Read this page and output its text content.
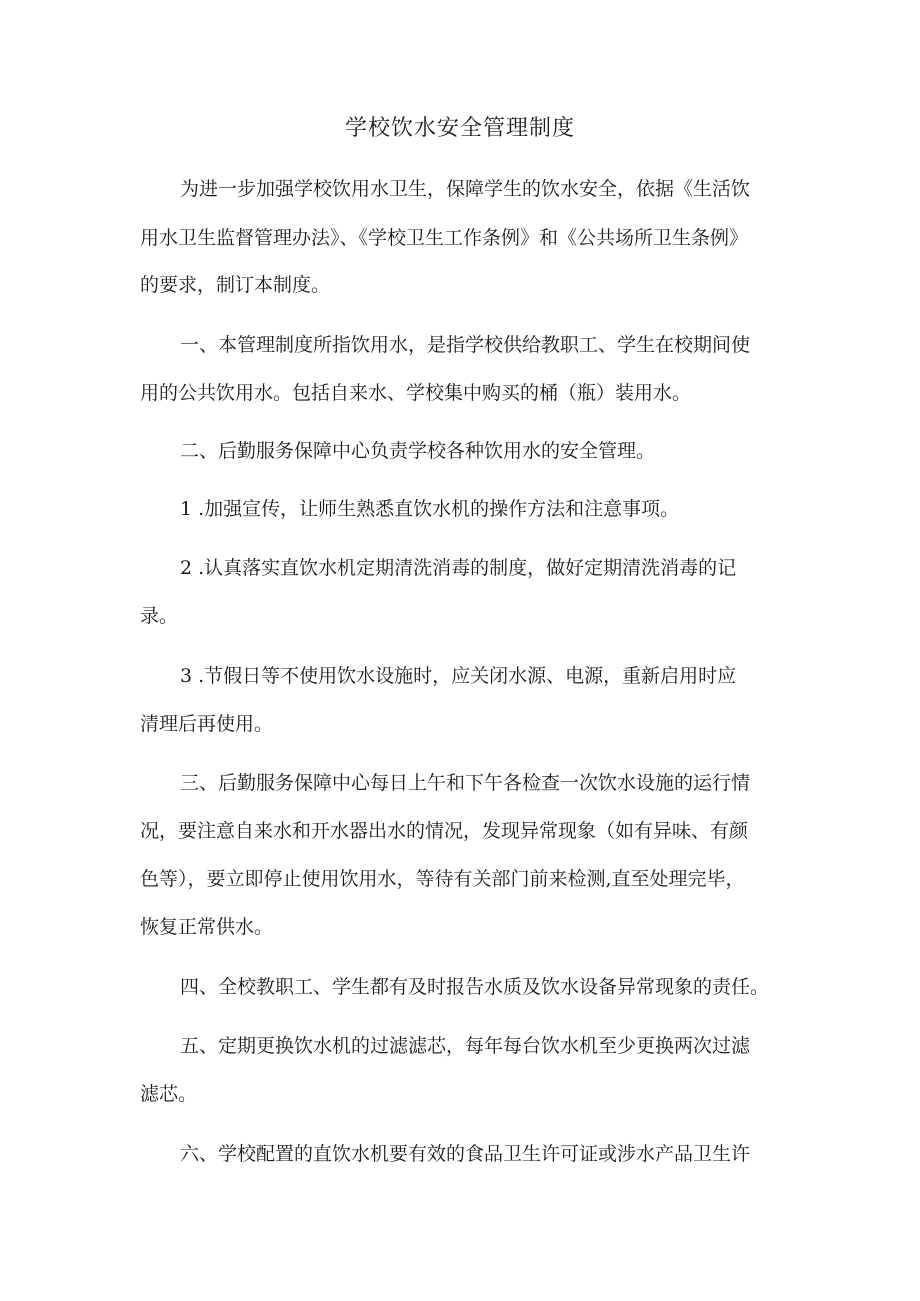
学校饮水安全管理制度

为进一步加强学校饮用水卫生，保障学生的饮水安全，依据《生活饮

用水卫生监督管理办法》、《学校卫生工作条例》和《公共场所卫生条例》

的要求，制订本制度。

一、本管理制度所指饮用水，是指学校供给教职工、学生在校期间使

用的公共饮用水。包括自来水、学校集中购买的桶（瓶）装用水。

二、后勤服务保障中心负责学校各种饮用水的安全管理。

1 .加强宣传，让师生熟悉直饮水机的操作方法和注意事项。

2 .认真落实直饮水机定期清洗消毒的制度，做好定期清洗消毒的记

录。

3 .节假日等不使用饮水设施时，应关闭水源、电源，重新启用时应

清理后再使用。

三、后勤服务保障中心每日上午和下午各检查一次饮水设施的运行情

况，要注意自来水和开水器出水的情况，发现异常现象（如有异味、有颜

色等），要立即停止使用饮用水，等待有关部门前来检测,直至处理完毕，

恢复正常供水。

四、全校教职工、学生都有及时报告水质及饮水设备异常现象的责任。

五、定期更换饮水机的过滤滤芯，每年每台饮水机至少更换两次过滤

滤芯。

六、学校配置的直饮水机要有效的食品卫生许可证或涉水产品卫生许
